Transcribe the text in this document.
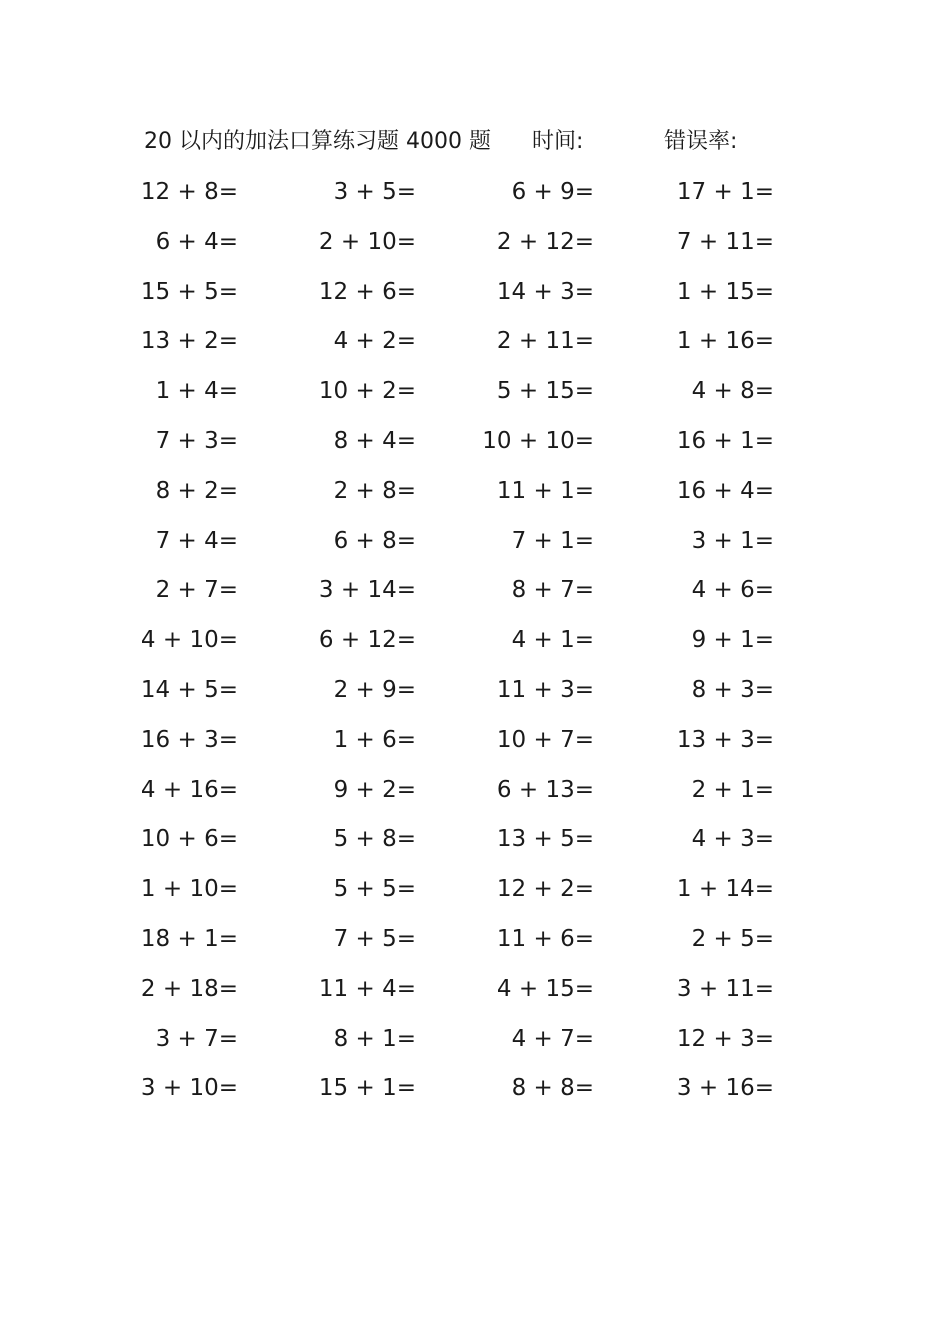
20 以内的加法口算练习题 4000 题 时间:	错误率:
12 + 8=	3 + 5=	6 + 9=	17 + 1=
6 + 4=	2 + 10=	2 + 12=	7 + 11=
15 + 5=	12 + 6=	14 + 3=	1 + 15=
13 + 2=	4 + 2=	2 + 11=	1 + 16=
1 + 4=	10 + 2=	5 + 15=	4 + 8=
7 + 3=	8 + 4=	10 + 10=	16 + 1=
8 + 2=	2 + 8=	11 + 1=	16 + 4=
7 + 4=	6 + 8=	7 + 1=	3 + 1=
2 + 7=	3 + 14=	8 + 7=	4 + 6=
4 + 10=	6 + 12=	4 + 1=	9 + 1=
14 + 5=	2 + 9=	11 + 3=	8 + 3=
16 + 3=	1 + 6=	10 + 7=	13 + 3=
4 + 16=	9 + 2=	6 + 13=	2 + 1=
10 + 6=	5 + 8=	13 + 5=	4 + 3=
1 + 10=	5 + 5=	12 + 2=	1 + 14=
18 + 1=	7 + 5=	11 + 6=	2 + 5=
2 + 18=	11 + 4=	4 + 15=	3 + 11=
3 + 7=	8 + 1=	4 + 7=	12 + 3=
3 + 10=	15 + 1=	8 + 8=	3 + 16=
